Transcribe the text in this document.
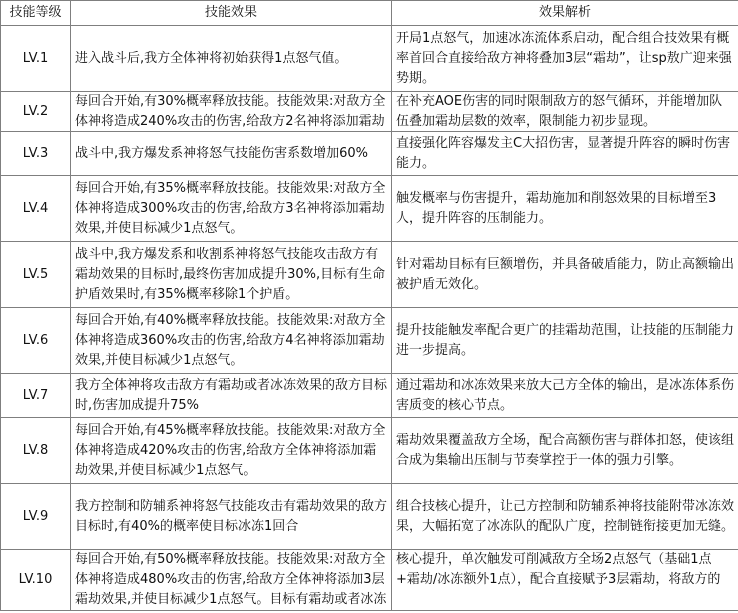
技能等级	技能效果	效果解析
LV.1	进入战斗后,我方全体神将初始获得1点怒气值。	开局1点怒气，加速冰冻流体系启动，配合组合技效果有概率首回合直接给敌方神将叠加3层“霜劫”，让sp敖广迎来强势期。
LV.2	每回合开始,有30%概率释放技能。技能效果:对敌方全体神将造成240%攻击的伤害,给敌方2名神将添加霜劫	在补充AOE伤害的同时限制敌方的怒气循环，并能增加队伍叠加霜劫层数的效率，限制能力初步显现。

LV.3	战斗中,我方爆发系神将怒气技能伤害系数增加60%	直接强化阵容爆发主C大招伤害，显著提升阵容的瞬时伤害能力。
LV.4	每回合开始,有35%概率释放技能。技能效果:对敌方全体神将造成300%攻击的伤害,给敌方3名神将添加霜劫效果,并使目标减少1点怒气。	触发概率与伤害提升，霜劫施加和削怒效果的目标增至3人，提升阵容的压制能力。
LV.5	战斗中,我方爆发系和收割系神将怒气技能攻击敌方有霜劫效果的目标时,最终伤害加成提升30%,目标有生命护盾效果时,有35%概率移除1个护盾。	针对霜劫目标有巨额增伤，并具备破盾能力，防止高额输出被护盾无效化。
LV.6	每回合开始,有40%概率释放技能。技能效果:对敌方全体神将造成360%攻击的伤害,给敌方4名神将添加霜劫效果,并使目标减少1点怒气。	提升技能触发率配合更广的挂霜劫范围，让技能的压制能力进一步提高。
LV.7	我方全体神将攻击敌方有霜劫或者冰冻效果的敌方目标时,伤害加成提升75%	通过霜劫和冰冻效果来放大己方全体的输出，是冰冻体系伤害质变的核心节点。
LV.8	每回合开始,有45%概率释放技能。技能效果:对敌方全体神将造成420%攻击的伤害,给敌方全体神将添加霜劫效果,并使目标减少1点怒气。	霜劫效果覆盖敌方全场，配合高额伤害与群体扣怒，使该组合成为集输出压制与节奏掌控于一体的强力引擎。
LV.9	我方控制和防辅系神将怒气技能攻击有霜劫效果的敌方目标时,有40%的概率使目标冰冻1回合	组合技核心提升，让己方控制和防辅系神将技能附带冰冻效果，大幅拓宽了冰冻队的配队广度，控制链衔接更加无缝。
LV.10	每回合开始,有50%概率释放技能。技能效果:对敌方全体神将造成480%攻击的伤害,给敌方全体神将添加3层霜劫效果,并使目标减少1点怒气。目标有霜劫或者冰冻	核心提升，单次触发可削减敌方全场2点怒气（基础1点+霜劫/冰冻额外1点），配合直接赋予3层霜劫，将敌方的
